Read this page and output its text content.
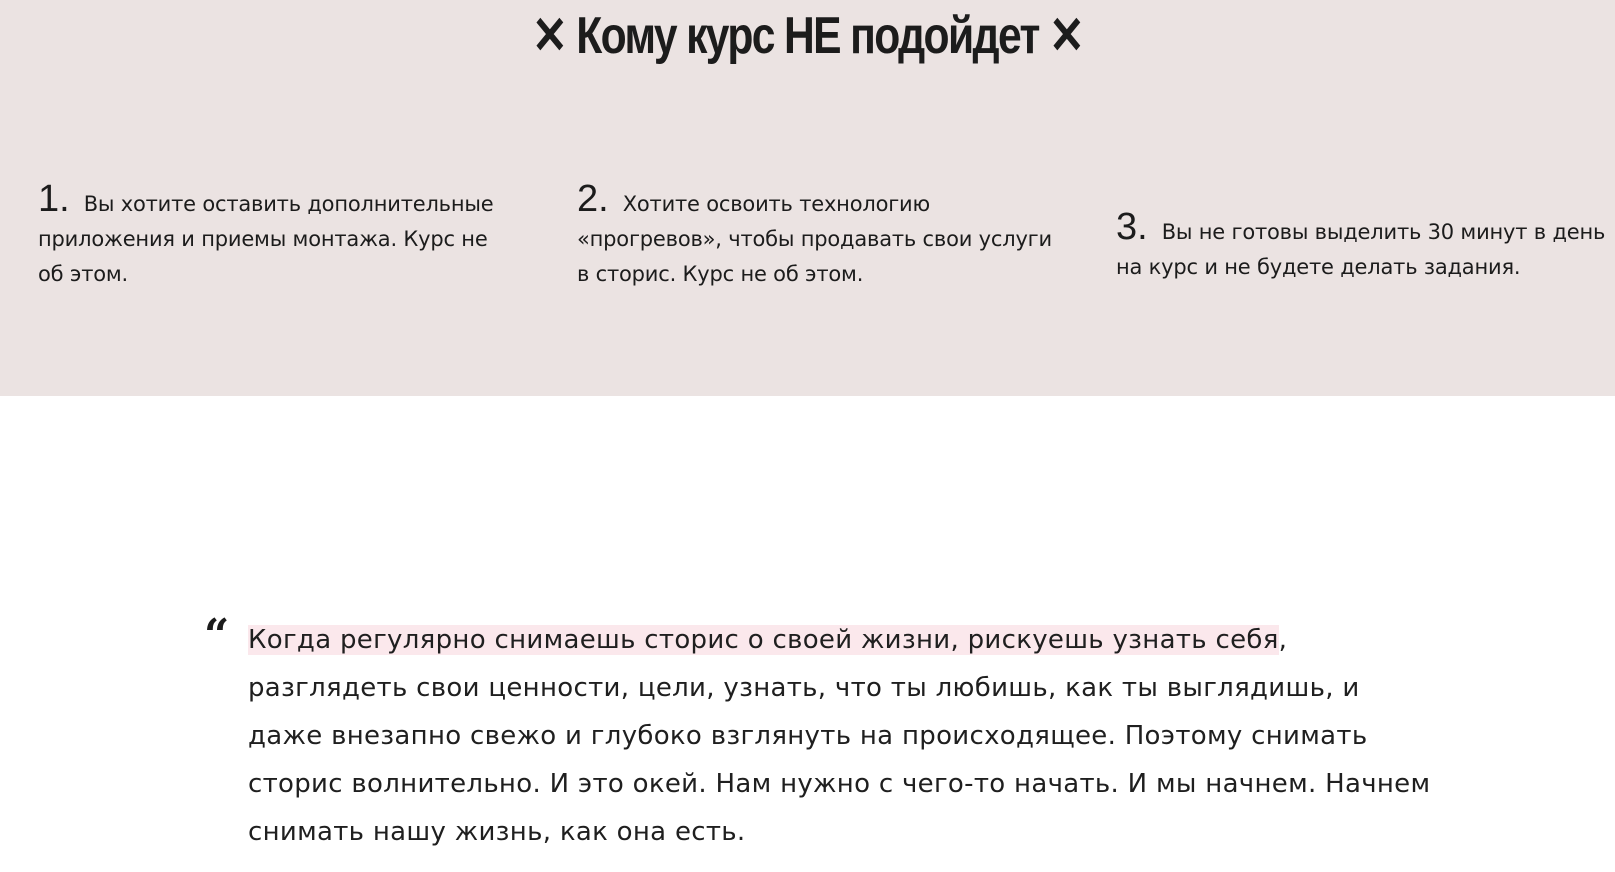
✕ Кому курс НЕ подойдет ✕
1. Вы хотите оставить дополнительные приложения и приемы монтажа. Курс не об этом.
2. Хотите освоить технологию «прогревов», чтобы продавать свои услуги в сторис. Курс не об этом.
3. Вы не готовы выделить 30 минут в день на курс и не будете делать задания.
“ Когда регулярно снимаешь сторис о своей жизни, рискуешь узнать себя, разглядеть свои ценности, цели, узнать, что ты любишь, как ты выглядишь, и даже внезапно свежо и глубоко взглянуть на происходящее. Поэтому снимать сторис волнительно. И это окей. Нам нужно с чего-то начать. И мы начнем. Начнем снимать нашу жизнь, как она есть.
